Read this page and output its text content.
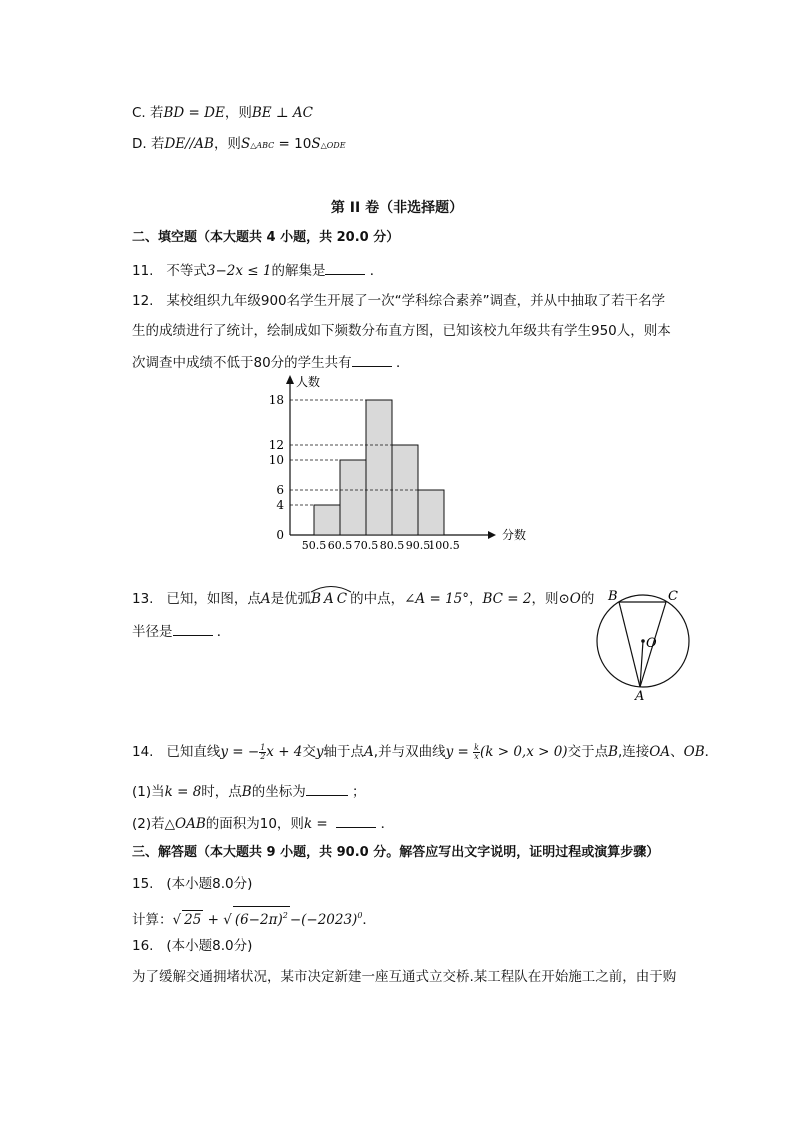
C. 若BD = DE，则BE ⊥ AC
D. 若DE//AB，则S△ABC = 10S△ODE
第 II 卷（非选择题）
二、填空题（本大题共 4 小题，共 20.0 分）
11. 不等式3−2x ≤ 1的解集是	．
12. 某校组织九年级900名学生开展了一次“学科综合素养”调查，并从中抽取了若干名学
生的成绩进行了统计，绘制成如下频数分布直方图，已知该校九年级共有学生950人，则本
次调查中成绩不低于80分的学生共有	．
0
4
6
10
12
18
50.5 60.5 70.5 80.5 90.5
100.5
人数
分数
13. 已知，如图，点A是优弧
BAC的中点，∠A = 15°，BC = 2，则⊙O的
半径是	．
B	C
O
A
14. 已知直线y = − $\frac{1}{2}$ x + 4交y轴于点A,并与双曲线$y = \frac{k}{x} (k > 0,x > 0)$交于点B,连接OA、OB．
(1)当k = 8时，点B的坐标为	；
(2)若△OAB的面积为10，则k =	．
三、解答题（本大题共 9 小题，共 90.0 分。解答应写出文字说明，证明过程或演算步骤）
15. (本小题8.0分)
计算：√ 25 + √ $(6-2\pi)^2 -(-2023)^0$．
16. (本小题8.0分)
为了缓解交通拥堵状况，某市决定新建一座互通式立交桥.某工程队在开始施工之前，由于购
